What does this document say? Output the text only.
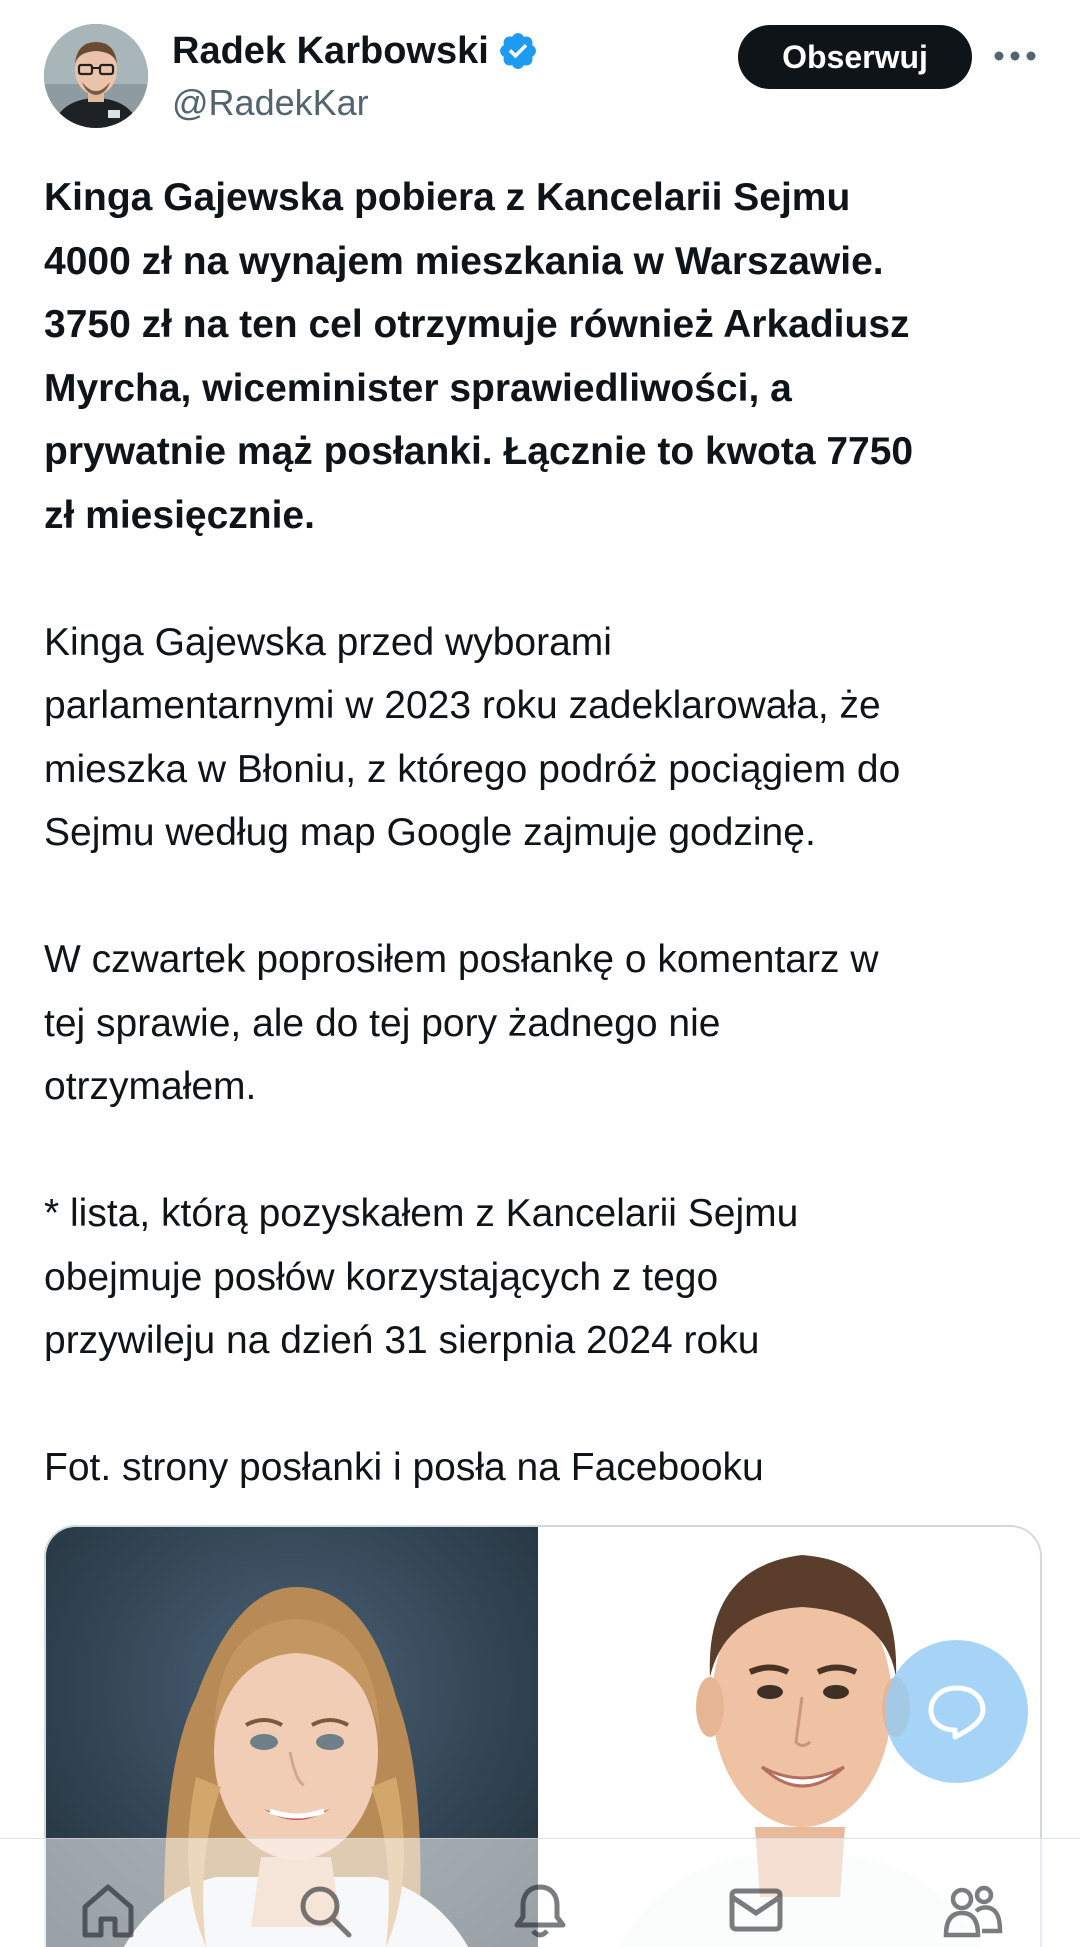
Radek Karbowski
@RadekKar
Obserwuj

Kinga Gajewska pobiera z Kancelarii Sejmu
4000 zł na wynajem mieszkania w Warszawie.
3750 zł na ten cel otrzymuje również Arkadiusz
Myrcha, wiceminister sprawiedliwości, a
prywatnie mąż posłanki. Łącznie to kwota 7750
zł miesięcznie.

Kinga Gajewska przed wyborami
parlamentarnymi w 2023 roku zadeklarowała, że
mieszka w Błoniu, z którego podróż pociągiem do
Sejmu według map Google zajmuje godzinę.

W czwartek poprosiłem posłankę o komentarz w
tej sprawie, ale do tej pory żadnego nie
otrzymałem.

* lista, którą pozyskałem z Kancelarii Sejmu
obejmuje posłów korzystających z tego
przywileju na dzień 31 sierpnia 2024 roku

Fot. strony posłanki i posła na Facebooku
